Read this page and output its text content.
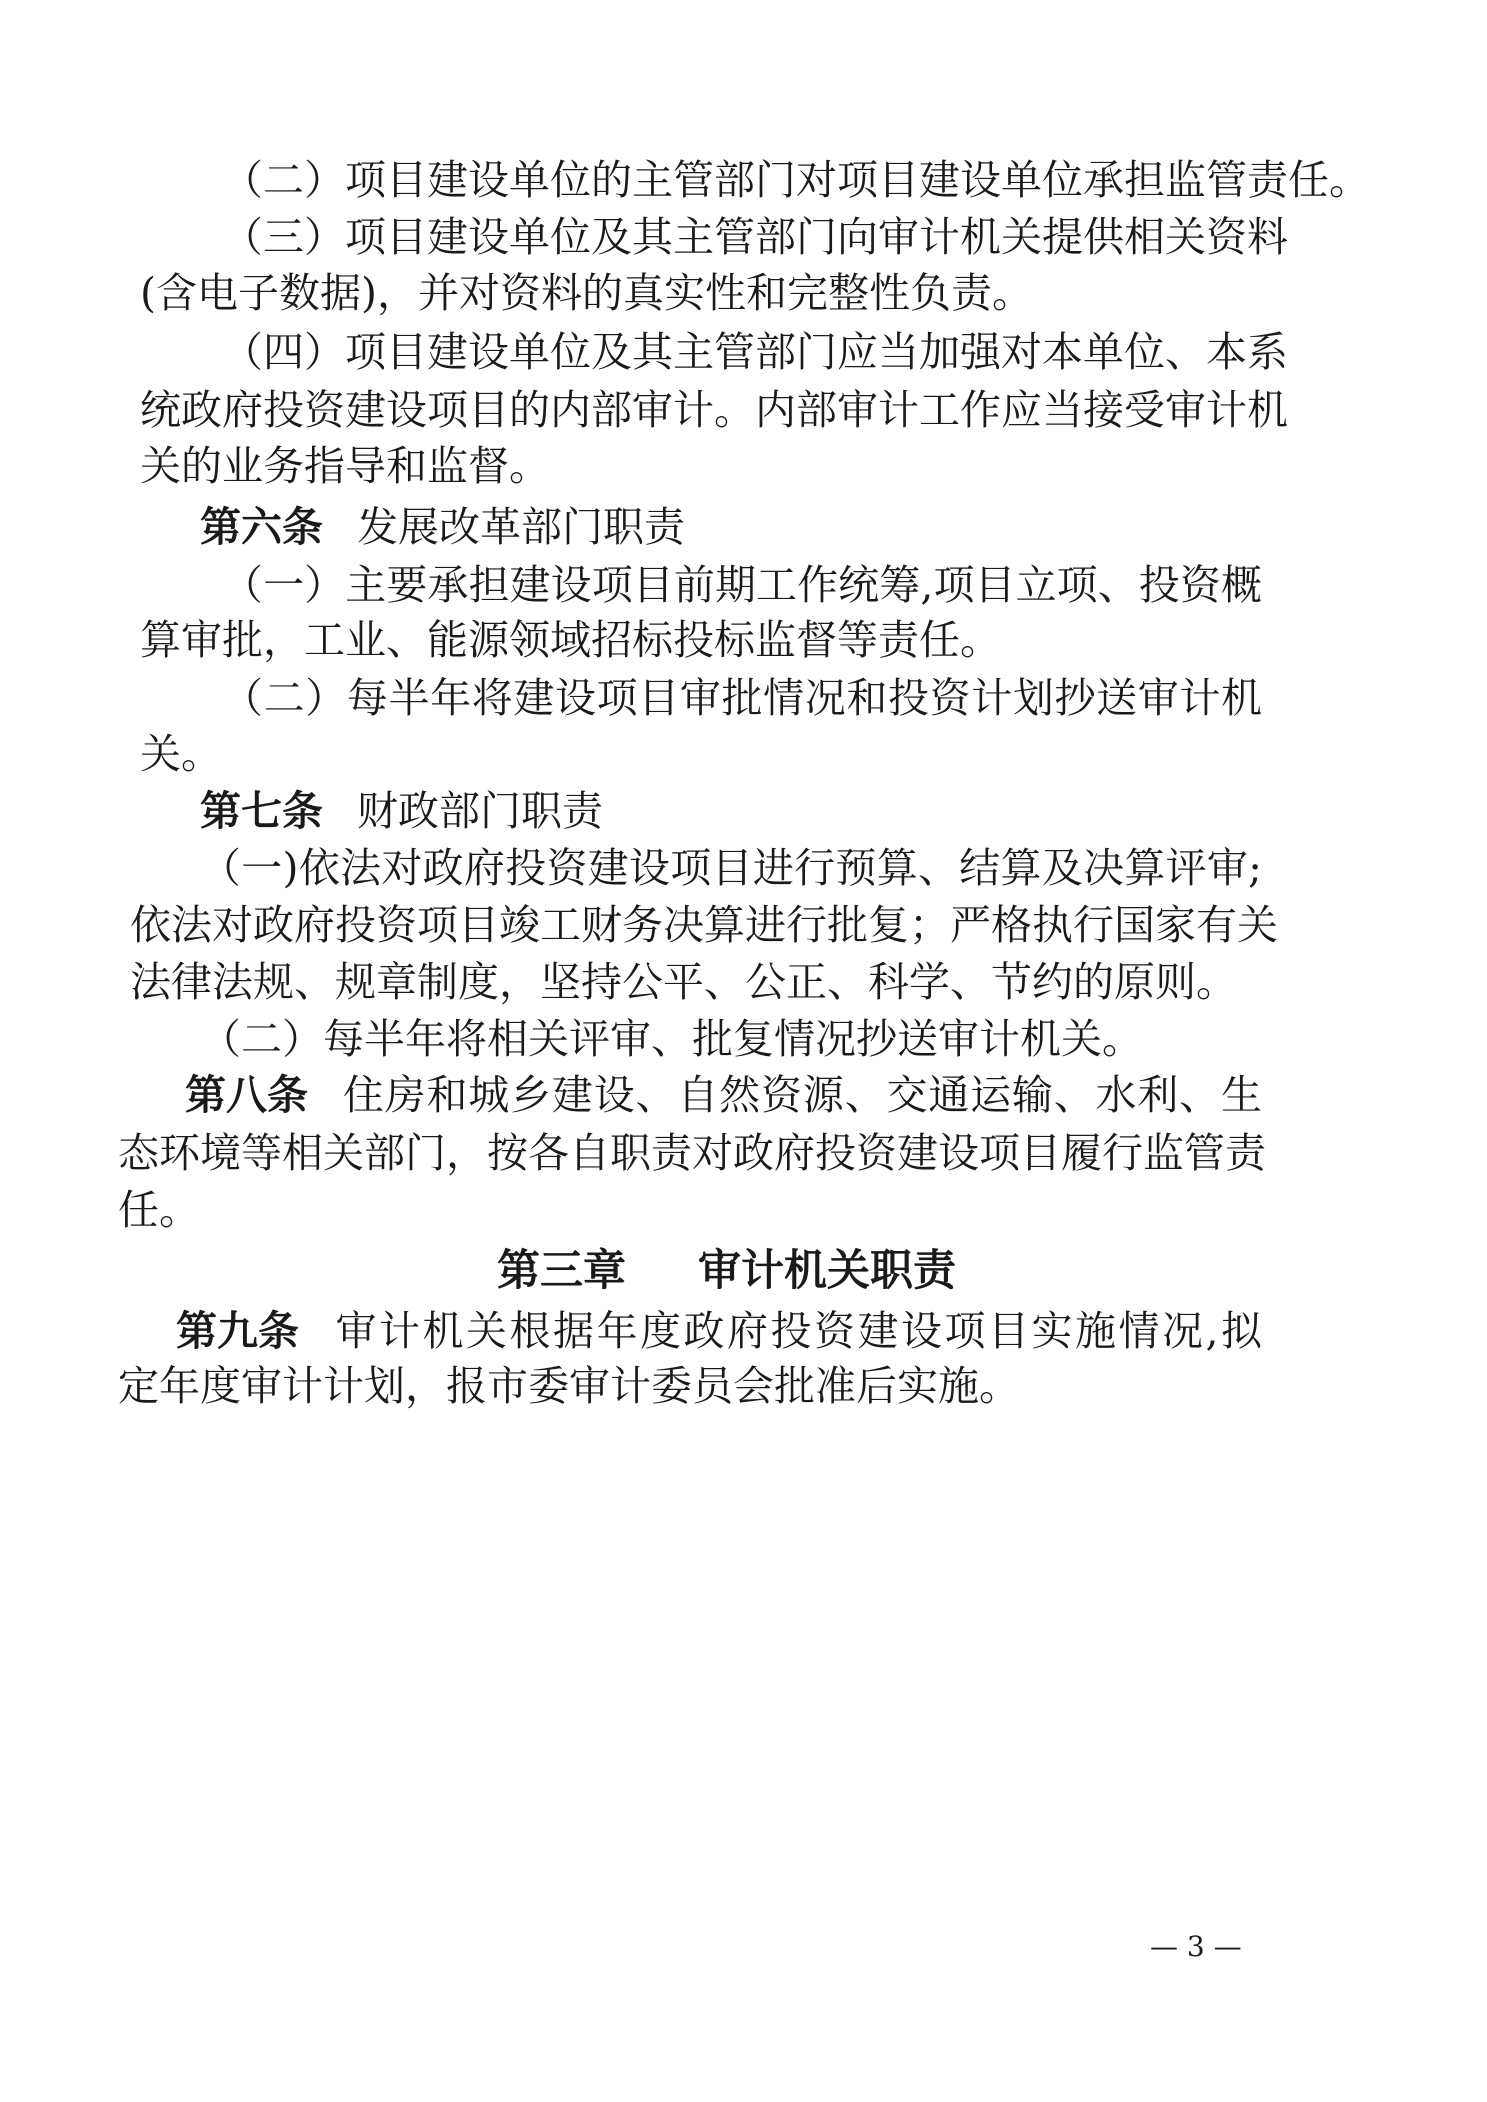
（二）项目建设单位的主管部门对项目建设单位承担监管责任。
（三）项目建设单位及其主管部门向审计机关提供相关资料
(含电子数据)，并对资料的真实性和完整性负责。
（四）项目建设单位及其主管部门应当加强对本单位、本系
统政府投资建设项目的内部审计。内部审计工作应当接受审计机
关的业务指导和监督。
第六条 发展改革部门职责
（一）主要承担建设项目前期工作统筹,项目立项、投资概
算审批，工业、能源领域招标投标监督等责任。
（二）每半年将建设项目审批情况和投资计划抄送审计机
关。
第七条 财政部门职责
（一)依法对政府投资建设项目进行预算、结算及决算评审;
依法对政府投资项目竣工财务决算进行批复；严格执行国家有关
法律法规、规章制度，坚持公平、公正、科学、节约的原则。
（二）每半年将相关评审、批复情况抄送审计机关。
第八条 住房和城乡建设、自然资源、交通运输、水利、生
态环境等相关部门，按各自职责对政府投资建设项目履行监管责
任。
第三章 审计机关职责
第九条 审计机关根据年度政府投资建设项目实施情况,拟
定年度审计计划，报市委审计委员会批准后实施。
— 3 —
